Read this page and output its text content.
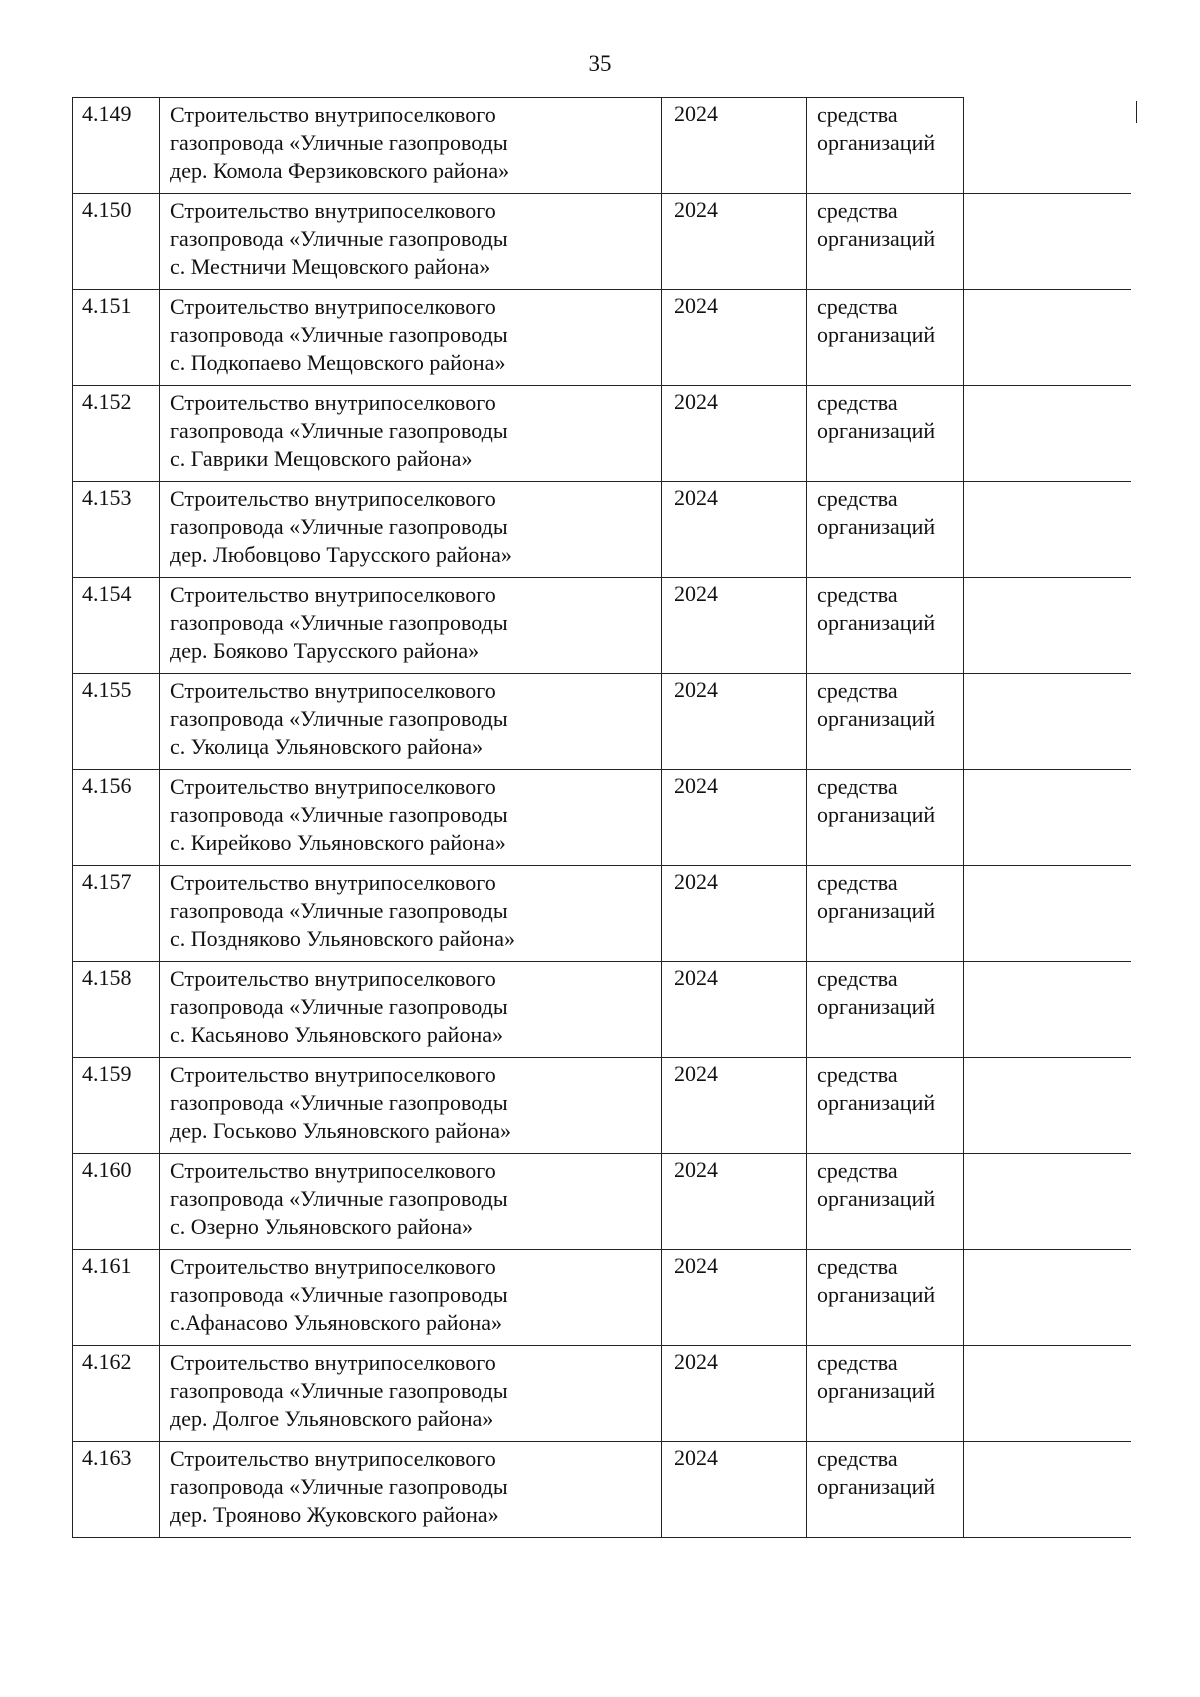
35
4.149	Строительство внутрипоселкового
газопровода «Уличные газопроводы
дер. Комола Ферзиковского района»	2024	средства
организаций	

4.150	Строительство внутрипоселкового
газопровода «Уличные газопроводы
с. Местничи Мещовского района»	2024	средства
организаций	

4.151	Строительство внутрипоселкового
газопровода «Уличные газопроводы
с. Подкопаево Мещовского района»	2024	средства
организаций	

4.152	Строительство внутрипоселкового
газопровода «Уличные газопроводы
с. Гаврики Мещовского района»	2024	средства
организаций	

4.153	Строительство внутрипоселкового
газопровода «Уличные газопроводы
дер. Любовцово Тарусского района»	2024	средства
организаций	

4.154	Строительство внутрипоселкового
газопровода «Уличные газопроводы
дер. Бояково Тарусского района»	2024	средства
организаций	

4.155	Строительство внутрипоселкового
газопровода «Уличные газопроводы
с. Уколица Ульяновского района»	2024	средства
организаций	

4.156	Строительство внутрипоселкового
газопровода «Уличные газопроводы
с. Кирейково Ульяновского района»	2024	средства
организаций	

4.157	Строительство внутрипоселкового
газопровода «Уличные газопроводы
с. Поздняково Ульяновского района»	2024	средства
организаций	

4.158	Строительство внутрипоселкового
газопровода «Уличные газопроводы
с. Касьяново Ульяновского района»	2024	средства
организаций	

4.159	Строительство внутрипоселкового
газопровода «Уличные газопроводы
дер. Госьково Ульяновского района»	2024	средства
организаций	

4.160	Строительство внутрипоселкового
газопровода «Уличные газопроводы
с. Озерно Ульяновского района»	2024	средства
организаций	

4.161	Строительство внутрипоселкового
газопровода «Уличные газопроводы
с.Афанасово Ульяновского района»	2024	средства
организаций	

4.162	Строительство внутрипоселкового
газопровода «Уличные газопроводы
дер. Долгое Ульяновского района»	2024	средства
организаций	

4.163	Строительство внутрипоселкового
газопровода «Уличные газопроводы
дер. Трояново Жуковского района»	2024	средства
организаций	
